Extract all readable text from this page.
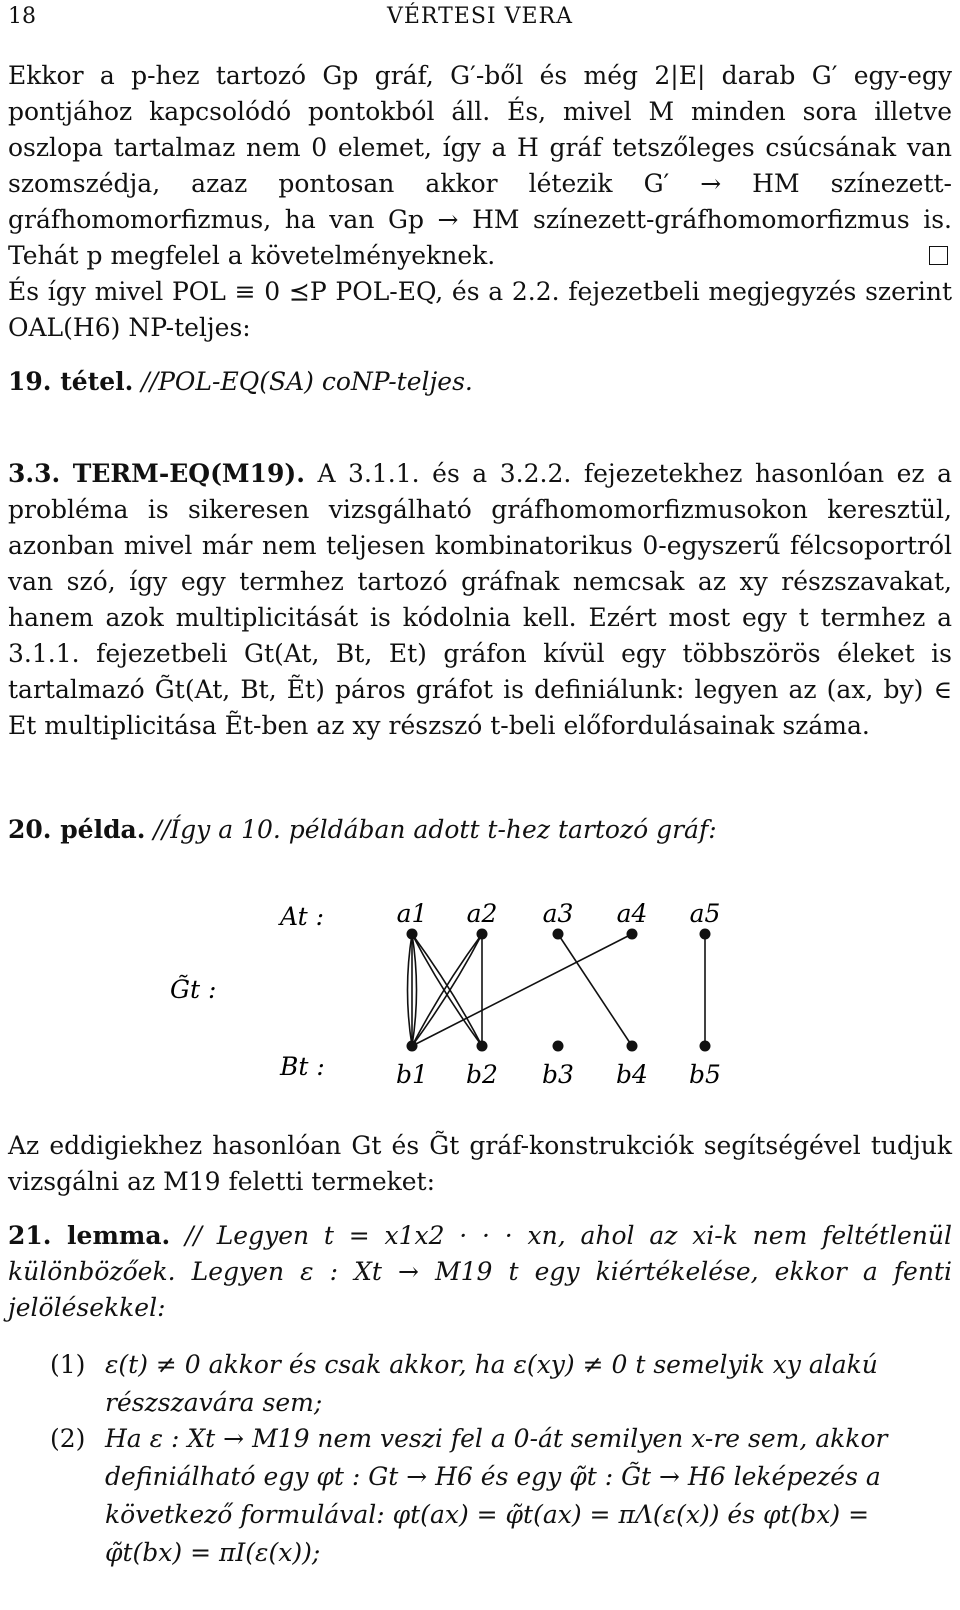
VÉRTESI VERA
18
Ekkor a p-hez tartozó Gp gráf, G′-ből és még 2|E| darab G′ egy-egy pontjához kapcsolódó pontokból áll. És, mivel M minden sora illetve oszlopa tartalmaz nem 0 elemet, így a H gráf tetszőleges csúcsának van szomszédja, azaz pontosan akkor létezik G′ → HM színezett-gráfhomomorfizmus, ha van Gp → HM színezett-gráfhomomorfizmus is. Tehát p megfelel a követelményeknek.
És így mivel POL ≡ 0 ⪯P POL-EQ, és a 2.2. fejezetbeli megjegyzés szerint OAL(H6) NP-teljes:
19. tétel. //POL-EQ(SA) coNP-teljes.
3.3. TERM-EQ(M19). A 3.1.1. és a 3.2.2. fejezetekhez hasonlóan ez a probléma is sikeresen vizsgálható gráfhomomorfizmusokon keresztül, azonban mivel már nem teljesen kombinatorikus 0-egyszerű félcsoportról van szó, így egy termhez tartozó gráfnak nemcsak az xy részszavakat, hanem azok multiplicitását is kódolnia kell. Ezért most egy t termhez a 3.1.1. fejezetbeli Gt(At, Bt, Et) gráfon kívül egy többszörös éleket is tartalmazó G̃t(At, Bt, Ẽt) páros gráfot is definiálunk: legyen az (ax, by) ∈ Et multiplicitása Ẽt-ben az xy részszó t-beli előfordulásainak száma.
20. példa. //Így a 10. példában adott t-hez tartozó gráf:
G̃t :
At :
Bt :
a1 a2 a3 a4 a5
b1 b2 b3 b4 b5
Az eddigiekhez hasonlóan Gt és G̃t gráf-konstrukciók segítségével tudjuk vizsgálni az M19 feletti termeket:
21. lemma. // Legyen t = x1x2 · · · xn, ahol az xi-k nem feltétlenül különbözőek. Legyen ε : Xt → M19 t egy kiértékelése, ekkor a fenti jelölésekkel:
(1) ε(t) ≠ 0 akkor és csak akkor, ha ε(xy) ≠ 0 t semelyik xy alakú részszavára sem;
(2) Ha ε : Xt → M19 nem veszi fel a 0-át semilyen x-re sem, akkor definiálható egy φt : Gt → H6 és egy φ̃t : G̃t → H6 leképezés a következő formulával: φt(ax) = φ̃t(ax) = πΛ(ε(x)) és φt(bx) = φ̃t(bx) = πI(ε(x));
